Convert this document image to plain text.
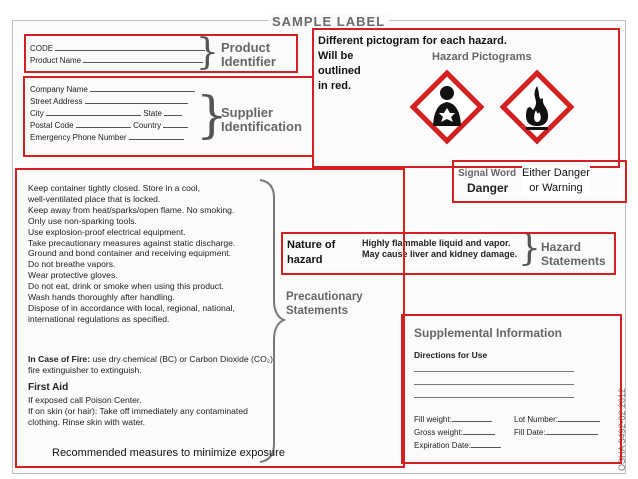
SAMPLE LABEL
CODE
Product Name	} Product
Identifier
Company Name
Street Address
City	State
Postal Code	Country
Emergency Phone Number	}
Supplier
Identification
Hazard Pictograms
Signal Word
Danger
Highly flammable liquid and vapor.
May cause liver and kidney damage. } Hazard
Statements
Keep container tightly closed. Store in a cool,
well-ventilated place that is locked.
Keep away from heat/sparks/open flame. No smoking.
Only use non-sparking tools.
Use explosion-proof electrical equipment.
Take precautionary measures against static discharge.
Ground and bond container and receiving equipment.
Do not breathe vapors.
Wear protective gloves.
Do not eat, drink or smoke when using this product.
Wash hands thoroughly after handling.
Dispose of in accordance with local, regional, national,
international regulations as specified.
In Case of Fire: use dry chemical (BC) or Carbon Dioxide (CO₂)
fire extinguisher to extinguish.
First Aid
If exposed call Poison Center.
If on skin (or hair): Take off immediately any contaminated
clothing. Rinse skin with water.
Precautionary
Statements
Supplemental Information
Directions for Use
Fill weight:	Lot Number:
Gross weight:	Fill Date:
Expiration Date:	OSHA 3492-02 2012
Different pictogram for each hazard.
Will be
outlined
in red.
Either Danger
or Warning
Nature of
hazard
Recommended measures to minimize exposure
